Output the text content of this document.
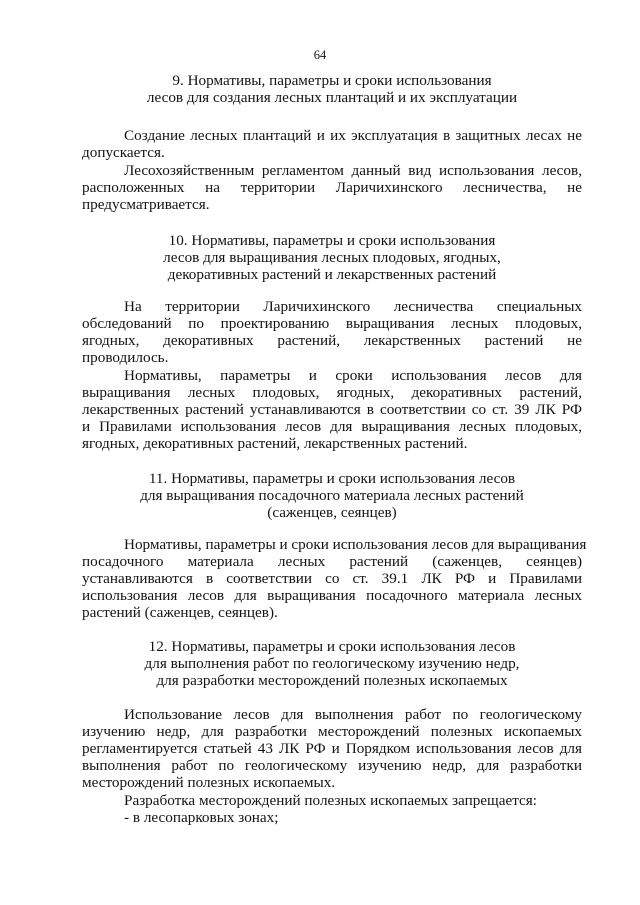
64
9. Нормативы, параметры и сроки использования
лесов для создания лесных плантаций и их эксплуатации
Создание лесных плантаций и их эксплуатация в защитных лесах не
допускается.
Лесохозяйственным регламентом данный вид использования лесов,
расположенных на территории Ларичихинского лесничества, не
предусматривается.
10. Нормативы, параметры и сроки использования
лесов для выращивания лесных плодовых, ягодных,
декоративных растений и лекарственных растений
На территории Ларичихинского лесничества специальных
обследований по проектированию выращивания лесных плодовых,
ягодных, декоративных растений, лекарственных растений не
проводилось.
Нормативы, параметры и сроки использования лесов для
выращивания лесных плодовых, ягодных, декоративных растений,
лекарственных растений устанавливаются в соответствии со ст. 39 ЛК РФ
и Правилами использования лесов для выращивания лесных плодовых,
ягодных, декоративных растений, лекарственных растений.
11. Нормативы, параметры и сроки использования лесов
для выращивания посадочного материала лесных растений
(саженцев, сеянцев)
Нормативы, параметры и сроки использования лесов для выращивания
посадочного материала лесных растений (саженцев, сеянцев)
устанавливаются в соответствии со ст. 39.1 ЛК РФ и Правилами
использования лесов для выращивания посадочного материала лесных
растений (саженцев, сеянцев).
12. Нормативы, параметры и сроки использования лесов
для выполнения работ по геологическому изучению недр,
для разработки месторождений полезных ископаемых
Использование лесов для выполнения работ по геологическому
изучению недр, для разработки месторождений полезных ископаемых
регламентируется статьей 43 ЛК РФ и Порядком использования лесов для
выполнения работ по геологическому изучению недр, для разработки
месторождений полезных ископаемых.
Разработка месторождений полезных ископаемых запрещается:
- в лесопарковых зонах;
